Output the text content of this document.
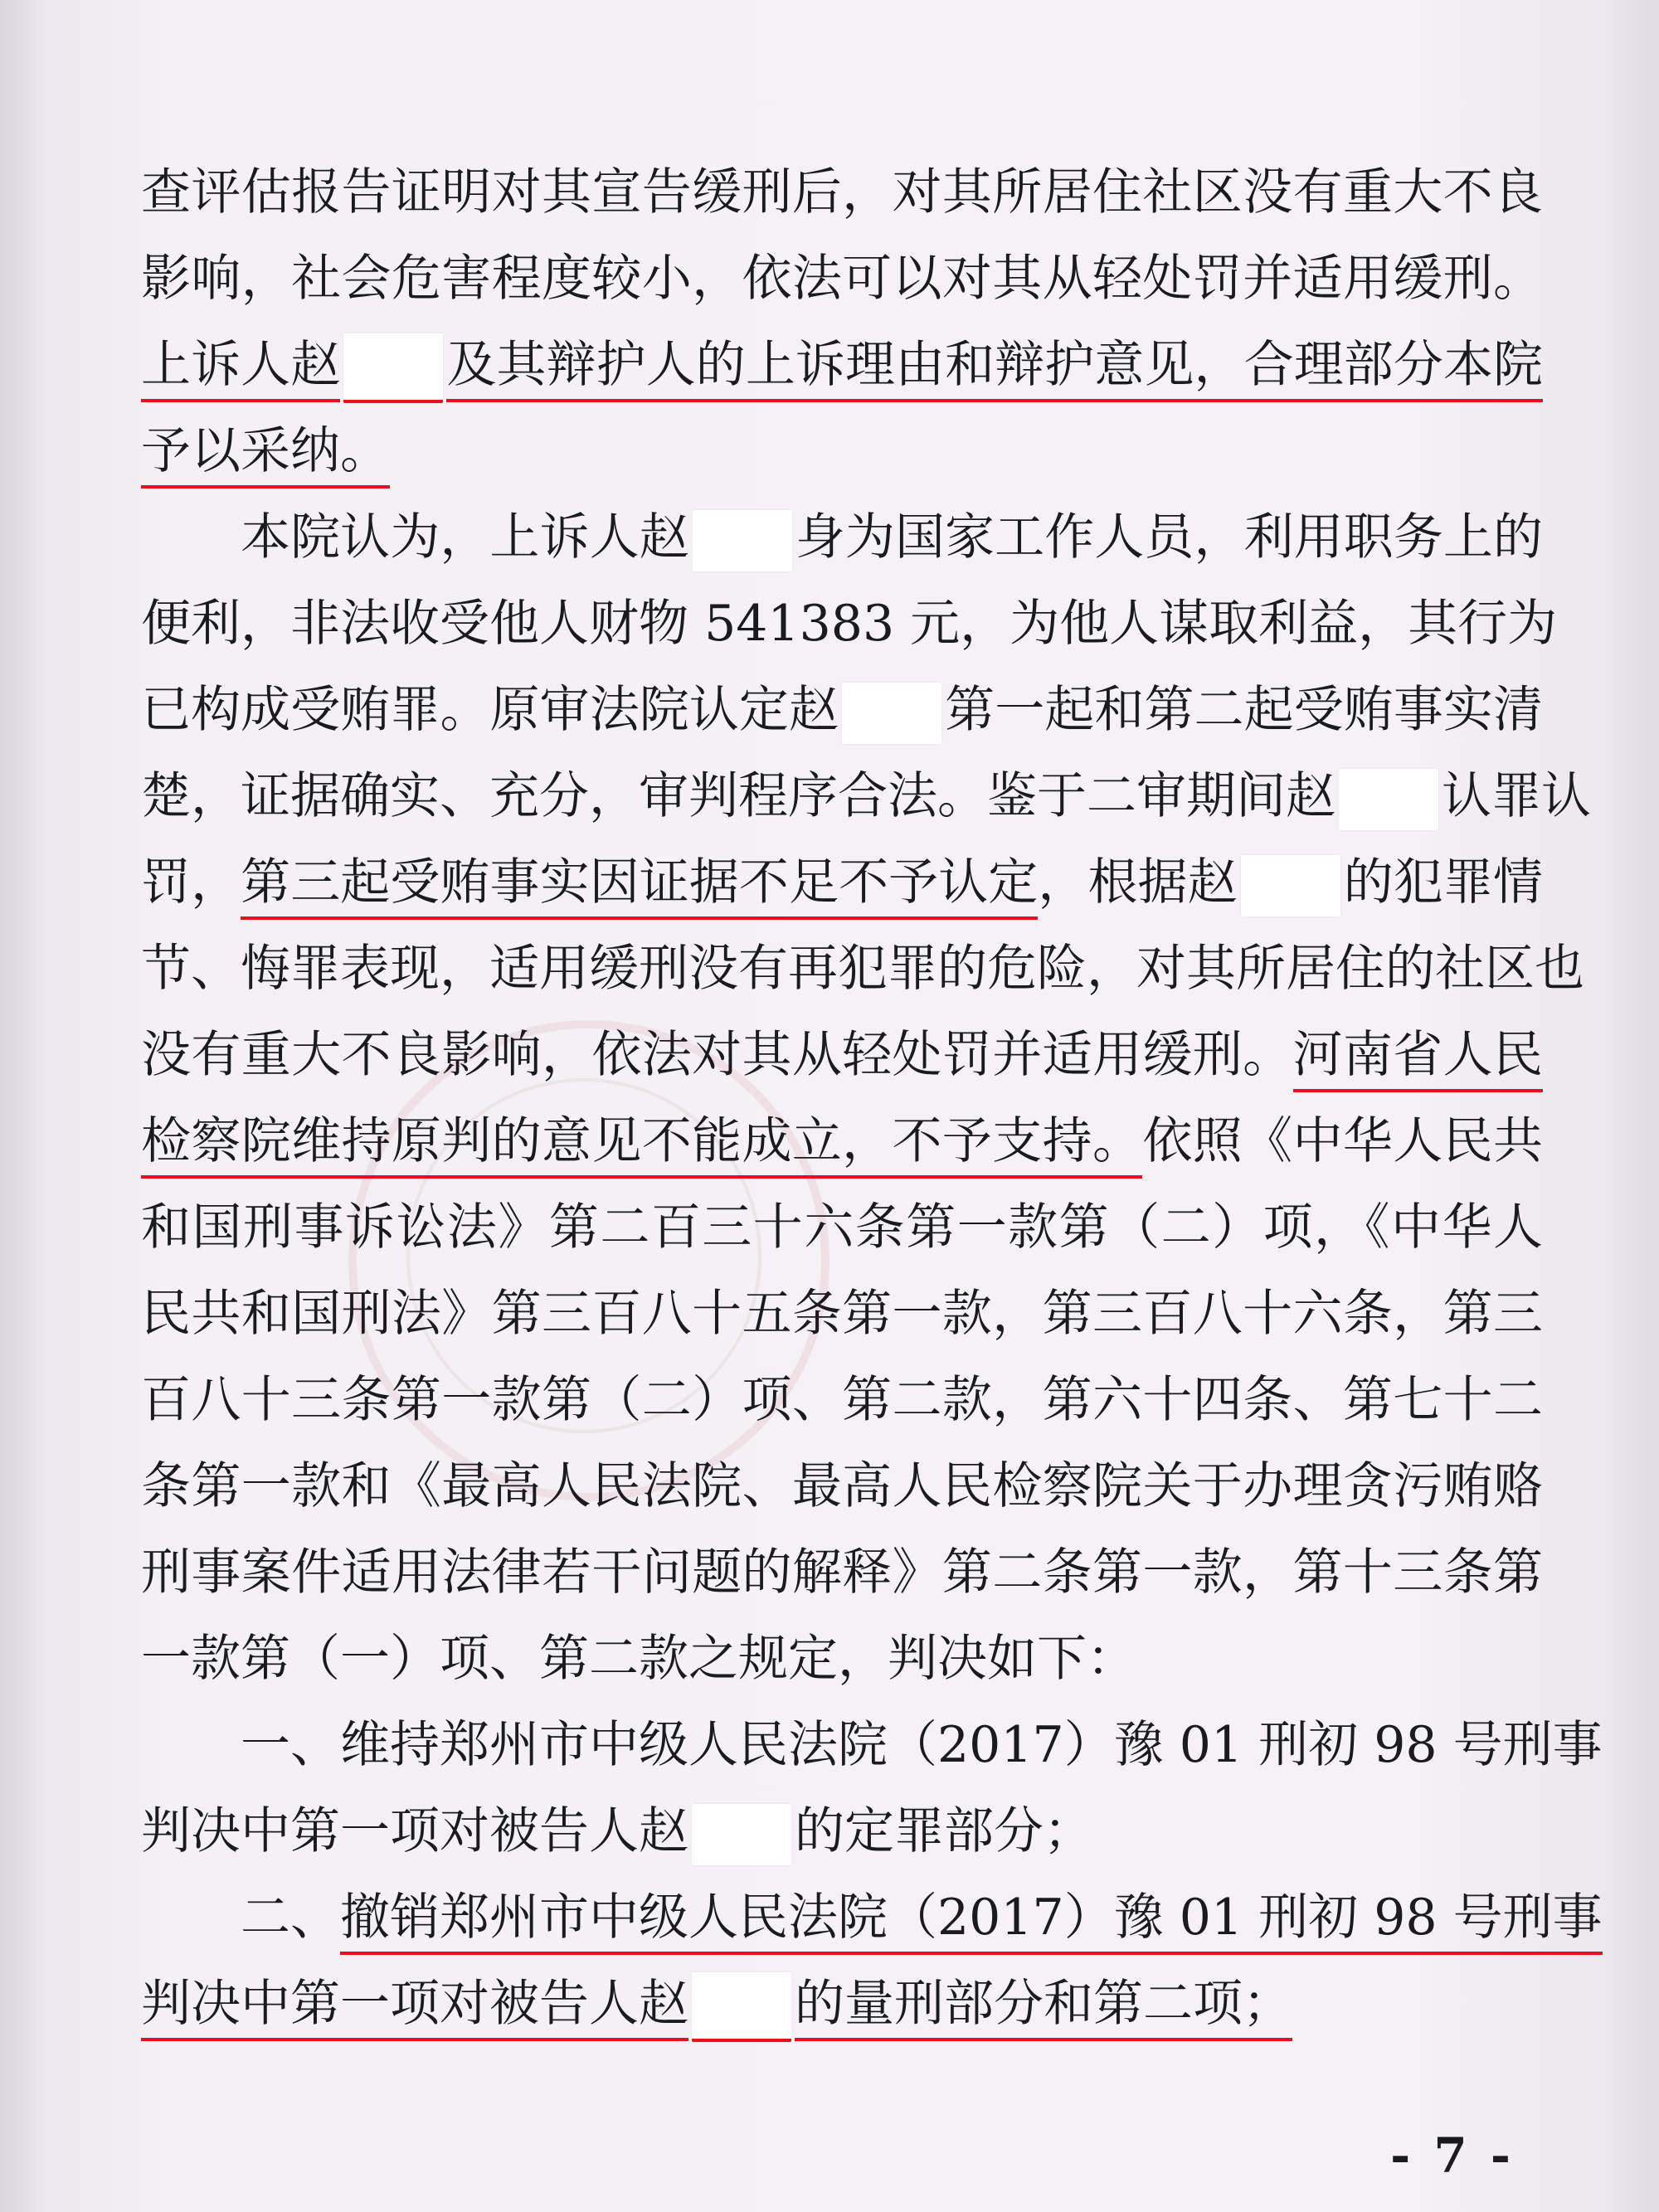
查评估报告证明对其宣告缓刑后，对其所居住社区没有重大不良
影响，社会危害程度较小，依法可以对其从轻处罚并适用缓刑。
上诉人赵 及其辩护人的上诉理由和辩护意见，合理部分本院
予以采纳。
本院认为，上诉人赵 身为国家工作人员，利用职务上的
便利，非法收受他人财物 541383 元，为他人谋取利益，其行为
已构成受贿罪。原审法院认定赵 第一起和第二起受贿事实清
楚，证据确实、充分，审判程序合法。鉴于二审期间赵 认罪认
罚，第三起受贿事实因证据不足不予认定，根据赵 的犯罪情
节、悔罪表现，适用缓刑没有再犯罪的危险，对其所居住的社区也
没有重大不良影响，依法对其从轻处罚并适用缓刑。河南省人民
检察院维持原判的意见不能成立，不予支持。依照《中华人民共
和国刑事诉讼法》第二百三十六条第一款第（二）项，《中华人
民共和国刑法》第三百八十五条第一款，第三百八十六条，第三
百八十三条第一款第（二）项、第二款，第六十四条、第七十二
条第一款和《最高人民法院、最高人民检察院关于办理贪污贿赂
刑事案件适用法律若干问题的解释》第二条第一款，第十三条第
一款第（一）项、第二款之规定，判决如下：
一、维持郑州市中级人民法院（2017）豫 01 刑初 98 号刑事
判决中第一项对被告人赵 的定罪部分；
二、撤销郑州市中级人民法院（2017）豫 01 刑初 98 号刑事
判决中第一项对被告人赵 的量刑部分和第二项；
- 7 -
